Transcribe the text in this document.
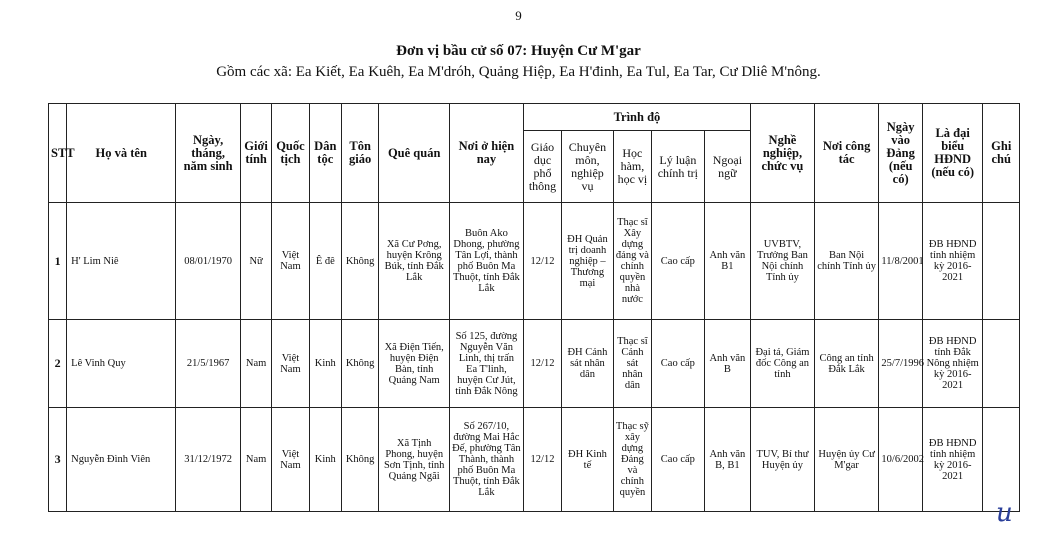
9
Đơn vị bầu cử số 07: Huyện Cư M'gar
Gồm các xã: Ea Kiết, Ea Kuêh, Ea M'dróh, Quảng Hiệp, Ea H'đinh, Ea Tul, Ea Tar, Cư Dliê M'nông.
STT	Họ và tên	Ngày, tháng, năm sinh	Giới tính	Quốc tịch	Dân tộc	Tôn giáo	Quê quán	Nơi ở hiện nay	Trình độ					Nghề nghiệp, chức vụ	Nơi công tác	Ngày vào Đảng (nếu có)	Là đại biểu HĐND (nếu có)	Ghi chú
									Giáo dục phổ thông	Chuyên môn, nghiệp vụ	Học hàm, học vị	Lý luận chính trị	Ngoại ngữ					
1	H' Lim Niê	08/01/1970	Nữ	Việt Nam	Ê đê	Không	Xã Cư Pơng, huyện Krông Búk, tỉnh Đắk Lắk	Buôn Ako Dhong, phường Tân Lợi, thành phố Buôn Ma Thuột, tỉnh Đắk Lắk	12/12	ĐH Quản trị doanh nghiệp – Thương mại	Thạc sĩ Xây dựng đảng và chính quyền nhà nước	Cao cấp	Anh văn B1	UVBTV, Trưởng Ban Nội chính Tỉnh ủy	Ban Nội chính Tỉnh ủy	11/8/2001	ĐB HĐND tỉnh nhiệm kỳ 2016-2021	
2	Lê Vinh Quy	21/5/1967	Nam	Việt Nam	Kinh	Không	Xã Điện Tiến, huyện Điện Bàn, tỉnh Quảng Nam	Số 125, đường Nguyễn Văn Linh, thị trấn Ea T'linh, huyện Cư Jút, tỉnh Đắk Nông	12/12	ĐH Cảnh sát nhân dân	Thạc sĩ Cảnh sát nhân dân	Cao cấp	Anh văn B	Đại tá, Giám đốc Công an tỉnh	Công an tỉnh Đắk Lắk	25/7/1996	ĐB HĐND tỉnh Đắk Nông nhiệm kỳ 2016-2021	
3	Nguyễn Đình Viên	31/12/1972	Nam	Việt Nam	Kinh	Không	Xã Tịnh Phong, huyện Sơn Tịnh, tỉnh Quảng Ngãi	Số 267/10, đường Mai Hắc Đế, phường Tân Thành, thành phố Buôn Ma Thuột, tỉnh Đắk Lắk	12/12	ĐH Kinh tế	Thạc sỹ xây dựng Đảng và chính quyền	Cao cấp	Anh văn B, B1	TUV, Bí thư Huyện ủy	Huyện ủy Cư M'gar	10/6/2002	ĐB HĐND tỉnh nhiệm kỳ 2016-2021	
u
